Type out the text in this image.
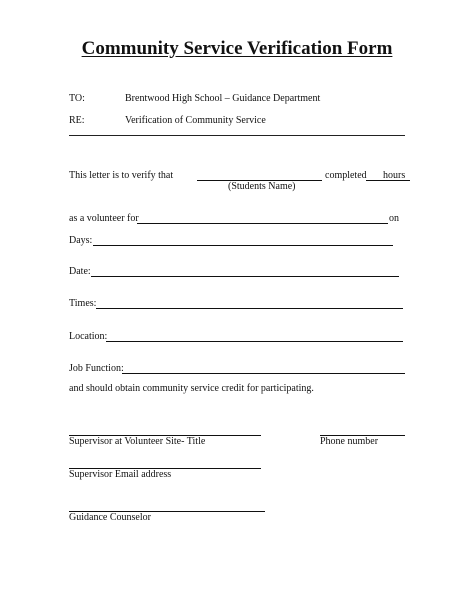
Community Service Verification Form
TO:	Brentwood High School – Guidance Department
RE:	Verification of Community Service
This letter is to verify that	completed hours
(Students Name)
as a volunteer for	on
Days:
Date:
Times:
Location:
Job Function:
and should obtain community service credit for participating.
Supervisor at Volunteer Site- Title	Phone number
Supervisor Email address
Guidance Counselor
